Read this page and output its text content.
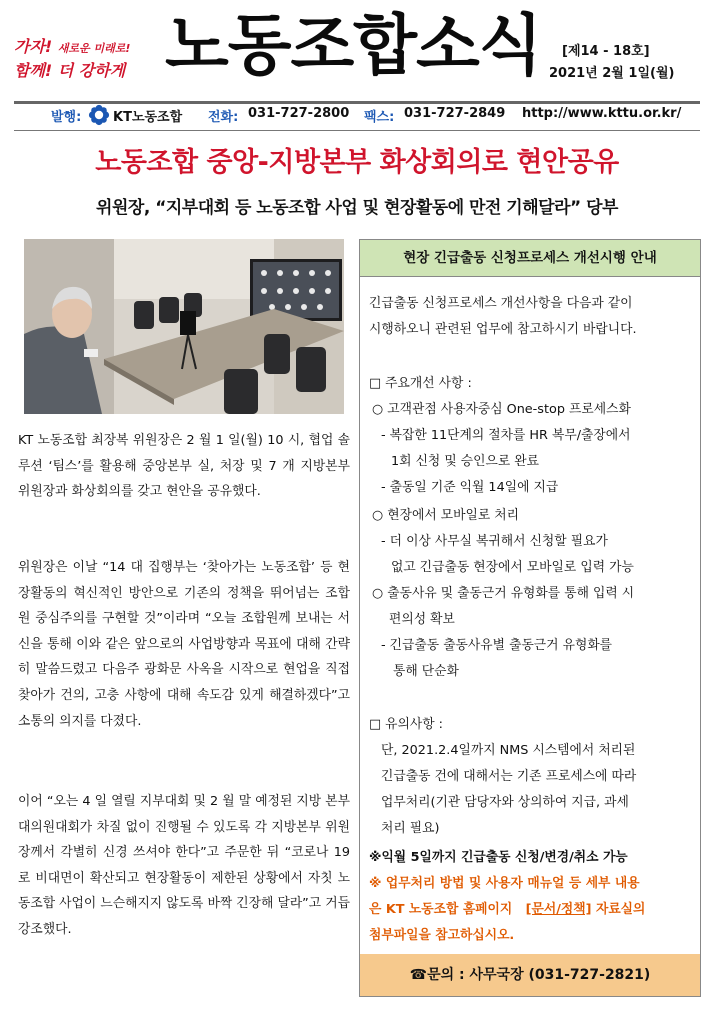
가자! 새로운 미래로!
함께! 더 강하게 노동조합소식 [제14 - 18호]
2021년 2월 1일(월)
발행: KT노동조합 전화: 031-727-2800 팩스: 031-727-2849 http://www.kttu.or.kr/
노동조합 중앙-지방본부 화상회의로 현안공유
위원장, “지부대회 등 노동조합 사업 및 현장활동에 만전 기해달라” 당부
KT 노동조합 최장복 위원장은 2 월 1 일(월) 10 시, 협업 솔루션 ‘팀스’를 활용해 중앙본부 실, 처장 및 7 개 지방본부 위원장과 화상회의를 갖고 현안을 공유했다.
위원장은 이날 “14 대 집행부는 ‘찾아가는 노동조합’ 등 현장활동의 혁신적인 방안으로 기존의 정책을 뛰어넘는 조합원 중심주의를 구현할 것”이라며 “오늘 조합원께 보내는 서신을 통해 이와 같은 앞으로의 사업방향과 목표에 대해 간략히 말씀드렸고 다음주 광화문 사옥을 시작으로 현업을 직접 찾아가 건의, 고충 사항에 대해 속도감 있게 해결하겠다”고 소통의 의지를 다졌다.
이어 “오는 4 일 열릴 지부대회 및 2 월 말 예정된 지방 본부대의원대회가 차질 없이 진행될 수 있도록 각 지방본부 위원장께서 각별히 신경 쓰셔야 한다”고 주문한 뒤 “코로나 19 로 비대면이 확산되고 현장활동이 제한된 상황에서 자칫 노동조합 사업이 느슨해지지 않도록 바짝 긴장해 달라”고 거듭 강조했다.
현장 긴급출동 신청프로세스 개선시행 안내
긴급출동 신청프로세스 개선사항을 다음과 같이
시행하오니 관련된 업무에 참고하시기 바랍니다.
□ 주요개선 사항 :
○ 고객관점 사용자중심 One-stop 프로세스화
- 복잡한 11단계의 절차를 HR 복무/출장에서
1회 신청 및 승인으로 완료
- 출동일 기준 익월 14일에 지급
○ 현장에서 모바일로 처리
- 더 이상 사무실 복귀해서 신청할 필요가
없고 긴급출동 현장에서 모바일로 입력 가능
○ 출동사유 및 출동근거 유형화를 통해 입력 시
편의성 확보
- 긴급출동 출동사유별 출동근거 유형화를
통해 단순화
□ 유의사항 :
단, 2021.2.4일까지 NMS 시스템에서 처리된
긴급출동 건에 대해서는 기존 프로세스에 따라
업무처리(기관 담당자와 상의하여 지급, 과세
처리 필요)
※익월 5일까지 긴급출동 신청/변경/취소 가능
※ 업무처리 방법 및 사용자 매뉴얼 등 세부 내용
은 KT 노동조합 홈페이지 [문서/정책] 자료실의
첨부파일을 참고하십시오.
☎문의 : 사무국장 (031-727-2821)
